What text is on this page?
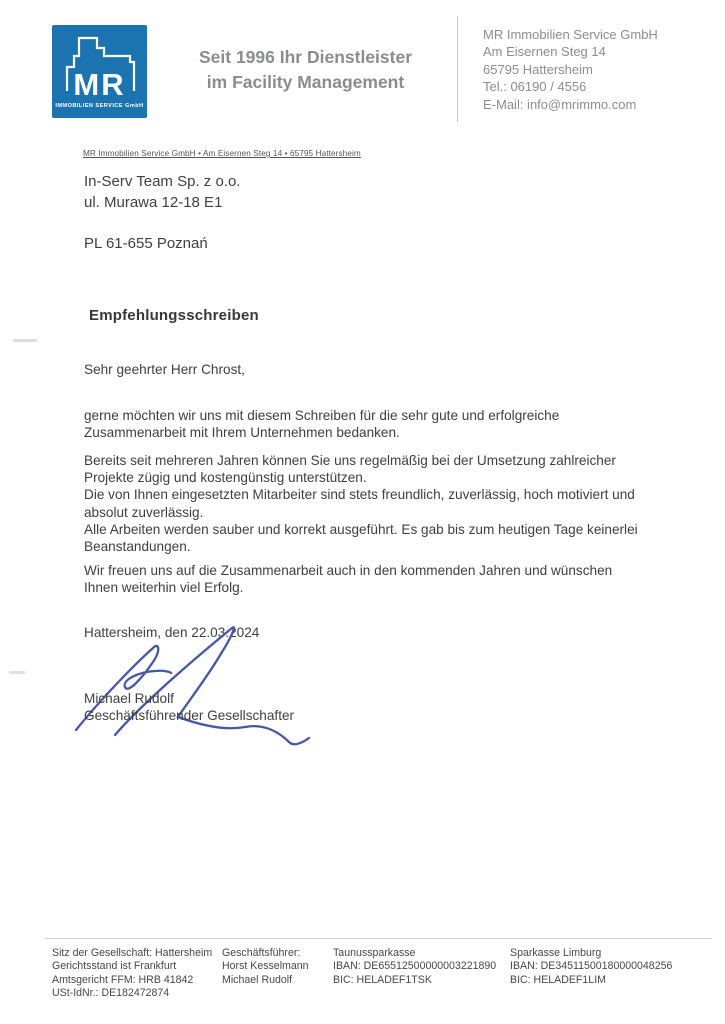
MR
IMMOBILIEN SERVICE GmbH
Seit 1996 Ihr Dienstleister
im Facility Management
MR Immobilien Service GmbH
Am Eisernen Steg 14
65795 Hattersheim
Tel.: 06190 / 4556
E-Mail: info@mrimmo.com
MR Immobilien Service GmbH • Am Eisernen Steg 14 • 65795 Hattersheim
In-Serv Team Sp. z o.o.
ul. Murawa 12-18 E1
PL 61-655 Poznań
Empfehlungsschreiben
Sehr geehrter Herr Chrost,
gerne möchten wir uns mit diesem Schreiben für die sehr gute und erfolgreiche
Zusammenarbeit mit Ihrem Unternehmen bedanken.
Bereits seit mehreren Jahren können Sie uns regelmäßig bei der Umsetzung zahlreicher
Projekte zügig und kostengünstig unterstützen.
Die von Ihnen eingesetzten Mitarbeiter sind stets freundlich, zuverlässig, hoch motiviert und
absolut zuverlässig.
Alle Arbeiten werden sauber und korrekt ausgeführt. Es gab bis zum heutigen Tage keinerlei
Beanstandungen.
Wir freuen uns auf die Zusammenarbeit auch in den kommenden Jahren und wünschen
Ihnen weiterhin viel Erfolg.
Hattersheim, den 22.03.2024
Michael Rudolf
Geschäftsführender Gesellschafter
Sitz der Gesellschaft: Hattersheim
Gerichtsstand ist Frankfurt
Amtsgericht FFM: HRB 41842
USt-IdNr.: DE182472874
Geschäftsführer:
Horst Kesselmann
Michael Rudolf
Taunussparkasse
IBAN: DE65512500000003221890
BIC: HELADEF1TSK
Sparkasse Limburg
IBAN: DE34511500180000048256
BIC: HELADEF1LIM
